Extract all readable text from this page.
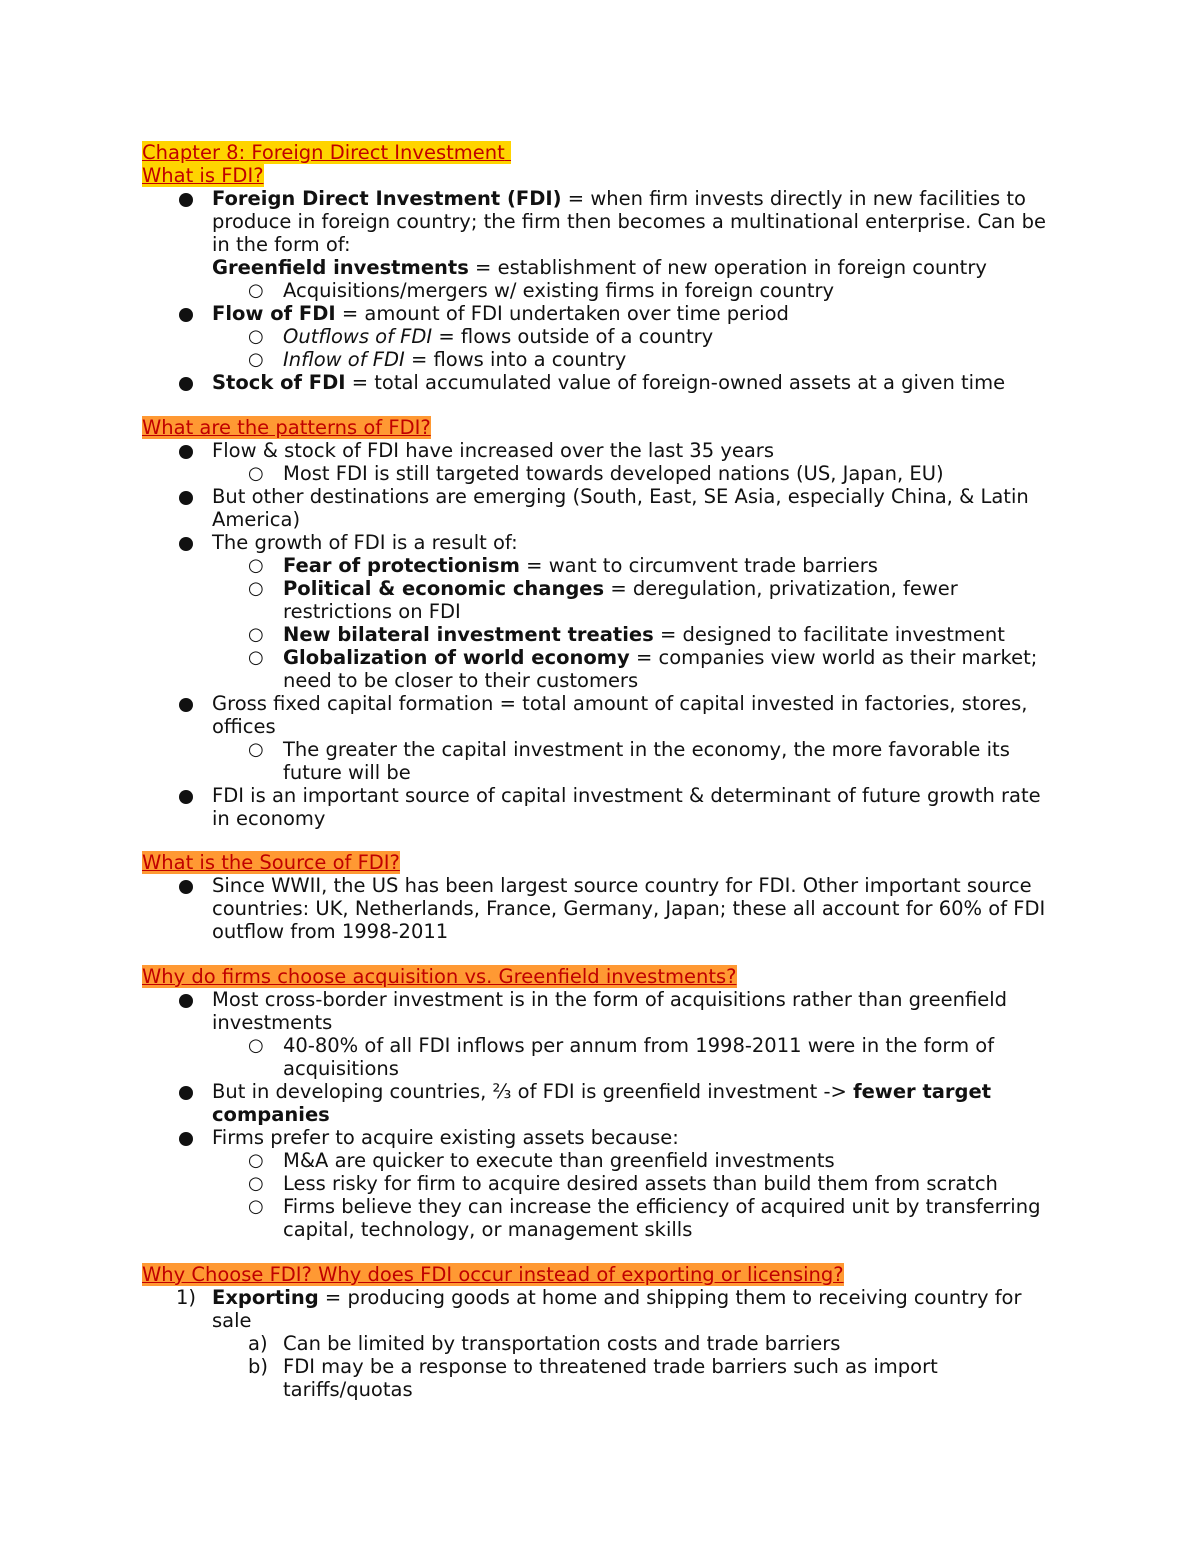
Chapter 8: Foreign Direct Investment
What is FDI?
Foreign Direct Investment (FDI) = when firm invests directly in new facilities to
produce in foreign country; the firm then becomes a multinational enterprise. Can be
in the form of:
Greenfield investments = establishment of new operation in foreign country
○ Acquisitions/mergers w/ existing firms in foreign country
Flow of FDI = amount of FDI undertaken over time period
○ Outflows of FDI = flows outside of a country
○ Inflow of FDI = flows into a country
Stock of FDI = total accumulated value of foreign-owned assets at a given time
What are the patterns of FDI?
Flow & stock of FDI have increased over the last 35 years
○ Most FDI is still targeted towards developed nations (US, Japan, EU)
But other destinations are emerging (South, East, SE Asia, especially China, & Latin
America)
The growth of FDI is a result of:
○ Fear of protectionism = want to circumvent trade barriers
○ Political & economic changes = deregulation, privatization, fewer
restrictions on FDI
○ New bilateral investment treaties = designed to facilitate investment
○ Globalization of world economy = companies view world as their market;
need to be closer to their customers
Gross fixed capital formation = total amount of capital invested in factories, stores,
offices
○ The greater the capital investment in the economy, the more favorable its
future will be
FDI is an important source of capital investment & determinant of future growth rate
in economy
What is the Source of FDI?
Since WWII, the US has been largest source country for FDI. Other important source
countries: UK, Netherlands, France, Germany, Japan; these all account for 60% of FDI
outflow from 1998-2011
Why do firms choose acquisition vs. Greenfield investments?
Most cross-border investment is in the form of acquisitions rather than greenfield
investments
○ 40-80% of all FDI inflows per annum from 1998-2011 were in the form of
acquisitions
But in developing countries, ⅔ of FDI is greenfield investment -> fewer target
companies
Firms prefer to acquire existing assets because:
○ M&A are quicker to execute than greenfield investments
○ Less risky for firm to acquire desired assets than build them from scratch
○ Firms believe they can increase the efficiency of acquired unit by transferring
capital, technology, or management skills
Why Choose FDI? Why does FDI occur instead of exporting or licensing?
1) Exporting = producing goods at home and shipping them to receiving country for
sale
a) Can be limited by transportation costs and trade barriers
b) FDI may be a response to threatened trade barriers such as import
tariffs/quotas
